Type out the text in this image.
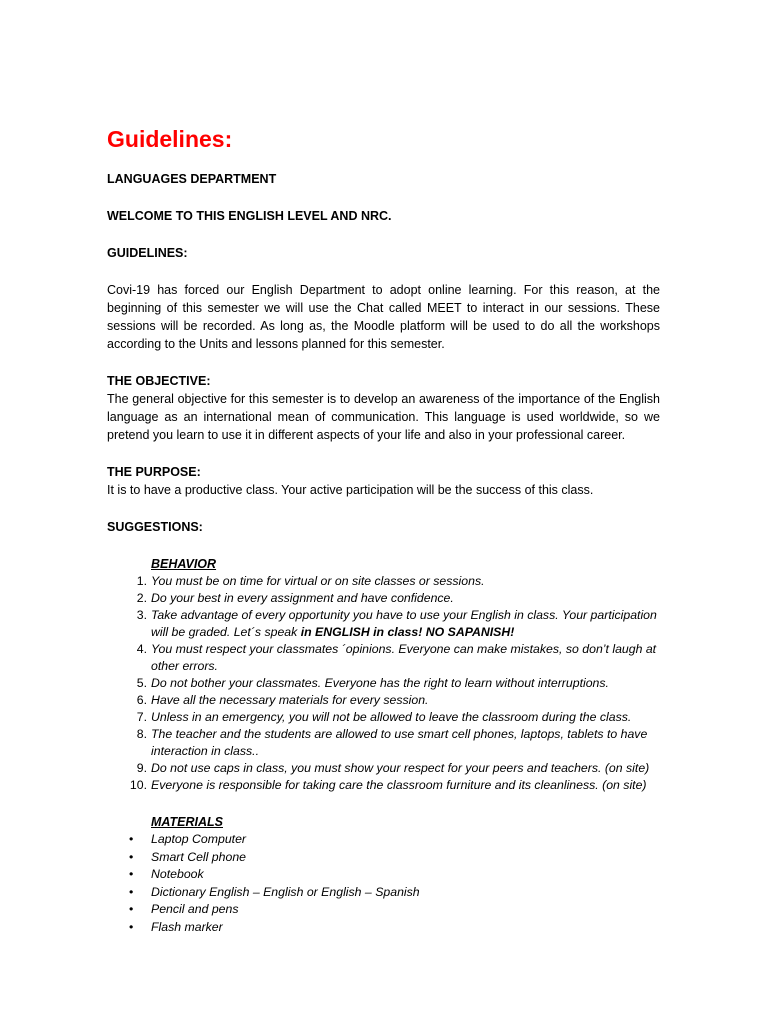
Guidelines:

LANGUAGES DEPARTMENT

WELCOME TO THIS ENGLISH LEVEL AND NRC.

GUIDELINES:

Covi-19 has forced our English Department to adopt online learning. For this reason, at the beginning of this semester we will use the Chat called MEET to interact in our sessions. These sessions will be recorded. As long as, the Moodle platform will be used to do all the workshops according to the Units and lessons planned for this semester.

THE OBJECTIVE:

The general objective for this semester is to develop an awareness of the importance of the English language as an international mean of communication. This language is used worldwide, so we pretend you learn to use it in different aspects of your life and also in your professional career.

THE PURPOSE:

It is to have a productive class. Your active participation will be the success of this class.

SUGGESTIONS:

BEHAVIOR

1. You must be on time for virtual or on site classes or sessions.
2. Do your best in every assignment and have confidence.
3. Take advantage of every opportunity you have to use your English in class. Your participation will be graded. Let´s speak in ENGLISH in class! NO SAPANISH!
4. You must respect your classmates ´opinions. Everyone can make mistakes, so don’t laugh at other errors.
5. Do not bother your classmates. Everyone has the right to learn without interruptions.
6. Have all the necessary materials for every session.
7. Unless in an emergency, you will not be allowed to leave the classroom during the class.
8. The teacher and the students are allowed to use smart cell phones, laptops, tablets to have interaction in class..
9. Do not use caps in class, you must show your respect for your peers and teachers. (on site)
10. Everyone is responsible for taking care the classroom furniture and its cleanliness. (on site)

MATERIALS

• Laptop Computer
• Smart Cell phone
• Notebook
• Dictionary English – English or English – Spanish
• Pencil and pens
• Flash marker
